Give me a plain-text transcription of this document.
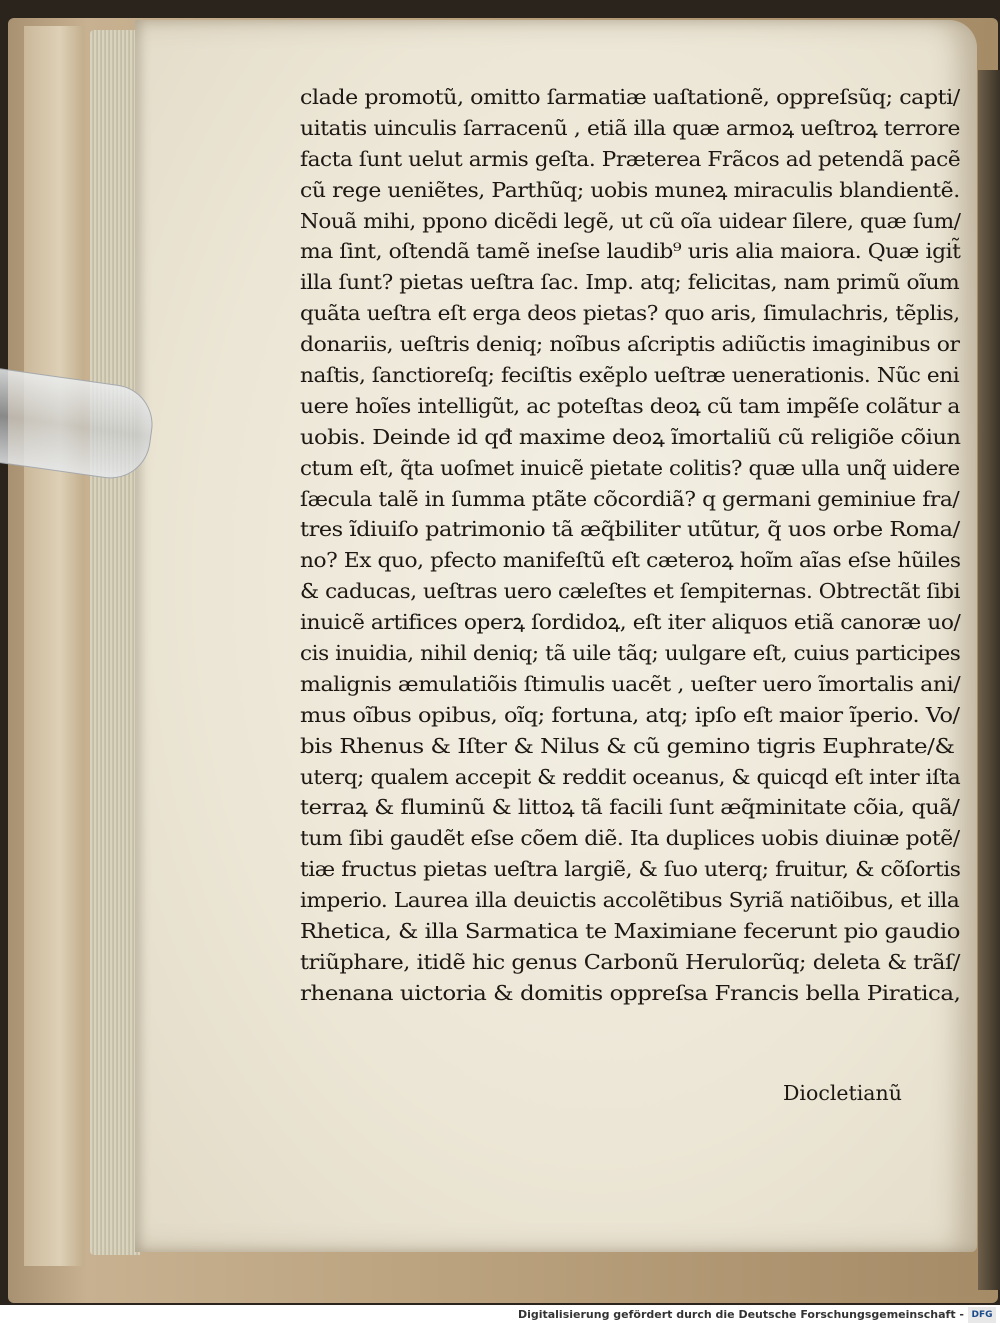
clade promotũ, omitto ſarmatiæ uaſtationẽ, oppreſsũq; capti/

uitatis uinculis ſarracenũ , etiã illa quæ armoꝝ ueſtroꝝ terrore

facta ſunt uelut armis geſta. Præterea Frãcos ad petendã pacẽ

cũ rege ueniẽtes, Parthũq; uobis muneꝝ miraculis blandientẽ.

Nouã mihi, ppono dicẽdi legẽ, ut cũ oĩa uidear ſilere, quæ ſum/

ma ſint, oſtendã tamẽ ineſse laudib⁹ uris alia maiora. Quæ igit̃

illa ſunt? pietas ueſtra ſac. Imp. atq; felicitas, nam primũ oĩum

quãta ueſtra eſt erga deos pietas? quo aris, ſimulachris, tẽplis,

donariis, ueſtris deniq; noĩbus aſcriptis adiũctis imaginibus or

naſtis, ſanctioreſq; feciſtis exẽplo ueſtræ uenerationis. Nũc eni

uere hoĩes intelligũt, ac poteſtas deoꝝ cũ tam impẽſe colãtur a

uobis. Deinde id qđ maxime deoꝝ ĩmortaliũ cũ religiõe cõiun

ctum eſt, q̃ta uoſmet inuicẽ pietate colitis? quæ ulla unq̃ uidere

ſæcula talẽ in ſumma ptãte cõcordiã? q germani geminiue fra/

tres ĩdiuiſo patrimonio tã æq̃biliter utũtur, q̃ uos orbe Roma/

no? Ex quo, pfecto manifeſtũ eſt cæteroꝝ hoĩm aĩas eſse hũiles

& caducas, ueſtras uero cæleſtes et ſempiternas. Obtrectãt ſibi

inuicẽ artifices operꝝ ſordidoꝝ, eſt iter aliquos etiã canoræ uo/

cis inuidia, nihil deniq; tã uile tãq; uulgare eſt, cuius participes

malignis æmulatiõis ſtimulis uacẽt , ueſter uero ĩmortalis ani/

mus oĩbus opibus, oĩq; fortuna, atq; ipſo eſt maior ĩperio. Vo/

bis Rhenus & Iſter & Nilus & cũ gemino tigris Euphrate/&

uterq; qualem accepit & reddit oceanus, & quicqd eſt inter iſta

terraꝝ & fluminũ & littoꝝ tã facili ſunt æq̃minitate cõia, quã/

tum ſibi gaudẽt eſse cõem diẽ. Ita duplices uobis diuinæ potẽ/

tiæ fructus pietas ueſtra largiẽ, & ſuo uterq; fruitur, & cõſortis

imperio. Laurea illa deuictis accolẽtibus Syriã natiõibus, et illa

Rhetica, & illa Sarmatica te Maximiane fecerunt pio gaudio

triũphare, itidẽ hic genus Carbonũ Herulorũq; deleta & trãſ/

rhenana uictoria & domitis oppreſsa Francis bella Piratica,

Diocletianũ
Digitalisierung gefördert durch die Deutsche Forschungsgemeinschaft - DFG
